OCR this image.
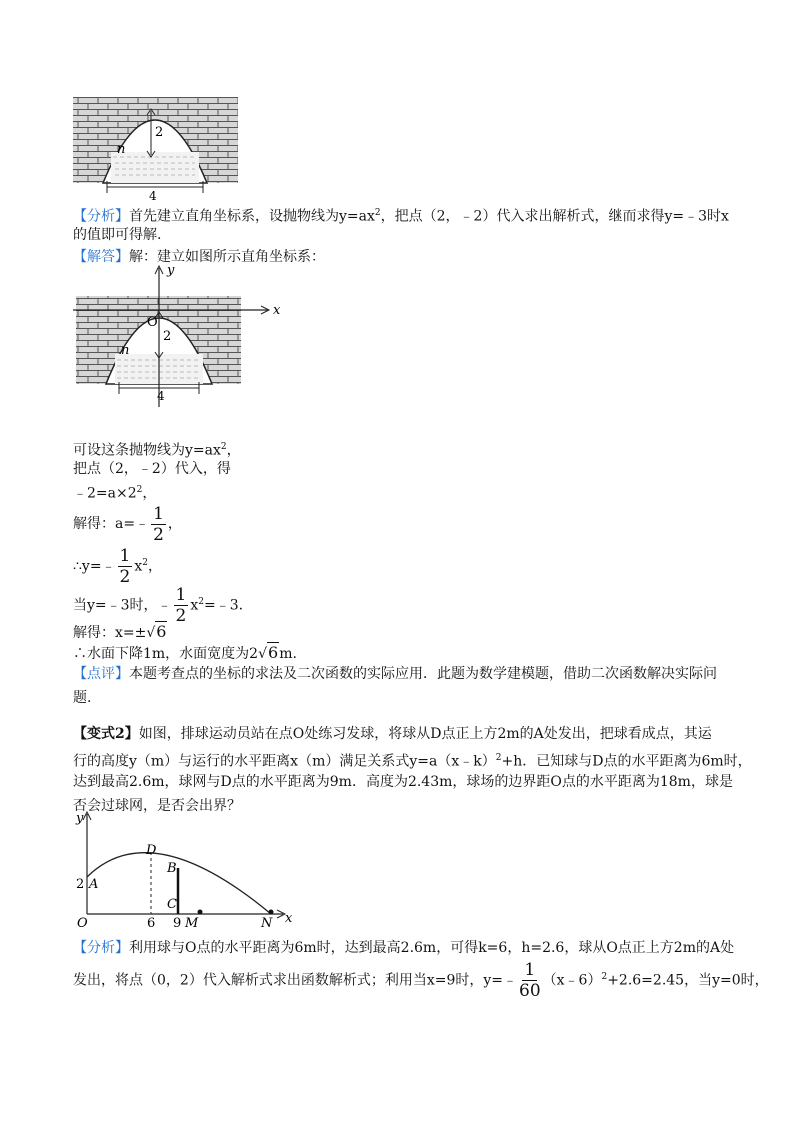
2
n
4
【分析】首先建立直角坐标系，设抛物线为$y=ax^2$，把点（2，﹣2）代入求出解析式，继而求得y=﹣3时x
的值即可得解.
【解答】解：建立如图所示直角坐标系：
x
y
O
2
n
4
可设这条抛物线为$y=ax^2$，
把点（2，﹣2）代入，得
$﹣2=a\times 2^2$，
解得：a=﹣ $\frac{1}{2}$ ，
∴y=﹣ $\frac{1}{2} x^2$，
当y=﹣3时，﹣ $\frac{1}{2}$ $x^2=﹣3$.
解得：x=±√6
∴水面下降1m，水面宽度为2√6m.
【点评】本题考查点的坐标的求法及二次函数的实际应用．此题为数学建模题，借助二次函数解决实际问
题.
【变式2】如图，排球运动员站在点O处练习发球，将球从D点正上方2m的A处发出，把球看成点，其运
行的高度y（m）与运行的水平距离x（m）满足关系式y=a（x﹣k）$^2$+h．已知球与D点的水平距离为6m时，
达到最高2.6m，球网与D点的水平距离为9m．高度为2.43m，球场的边界距O点的水平距离为18m，球是
否会过球网，是否会出界？
y
x
O
D
B
C
A
2
6 9 M	N
【分析】利用球与O点的水平距离为6m时，达到最高2.6m，可得k=6，h=2.6，球从O点正上方2m的A处
发出，将点（0，2）代入解析式求出函数解析式；利用当x=9时，y=﹣ $\frac{1}{60}$ （x﹣6）$^2$+2.6=2.45，当y=0时，
